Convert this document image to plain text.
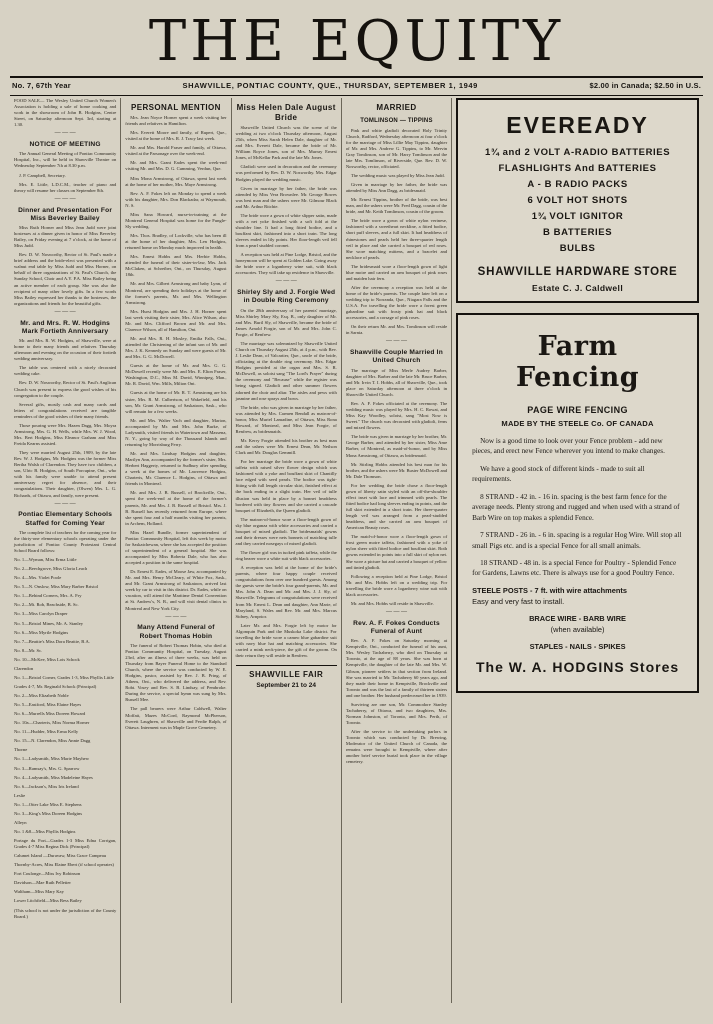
THE EQUITY
No. 7, 67th Year	SHAWVILLE, PONTIAC COUNTY, QUE., THURSDAY, SEPTEMBER 1, 1949	$2.00 in Canada; $2.50 in U.S.

FOOD SALE— The Wesley United Church Women's Association is holding a sale of home cooking and work in the showroom of John B. Hodgins, Centre Street, on Saturday afternoon Sept. 3rd, starting at 1.30.

— — —
NOTICE OF MEETING

The Annual General Meeting of Pontiac Community Hospital, Inc., will be held in Shawville Theatre on Wednesday September 7th at 8.30 p.m.

J. P. Campbell, Secretary.

Mrs. E. Little, L.D.C.M., teacher of piano and theory will resume her classes on September 8th.

— — —
Dinner and Presentation For Miss Beverley Bailey

Miss Ruth Horner and Miss Jean Judd were joint hostesses at a dinner given in honor of Miss Beverley Bailey, on Friday evening at 7 o'clock, at the home of Miss Judd.

Rev. D. W. Nosworthy, Rector of St. Paul's made a brief address and the bride-elect was presented with a walnut end table by Miss Judd and Miss Horner, on behalf of three organizations of St. Paul's Church, the Sunday School, Choir and A.Y. P.A. Miss Bailey being an active member of each group. She was also the recipient of many other lovely gifts. In a few words Miss Bailey expressed her thanks to the hostesses, the organizations and friends for the beautiful gifts.

— — —
Mr. and Mrs. R. W. Hodgins Mark Fortieth Anniversary

Mr. and Mrs. R. W. Hodgins, of Shawville, were at home to their many friends and relatives Thursday afternoon and evening on the occasion of their fortieth wedding anniversary.

The table was centered with a nicely decorated wedding cake.

Rev. D. W. Nosworthy, Rector of St. Paul's Anglican Church was present to express the good wishes of his congregation to the couple.

Several gifts, mostly cash and many cards and letters of congratulations received are tangible reminders of the good wishes of their many friends.

Those pouring were Mrs. Hazen Dagg, Mrs. Moyra Armstrong, Mrs. G. H. Wells, while Mrs. W. J. Wood, Mrs. Bert Hodgins, Miss Eleanor Graham and Miss Freida Kearns assisted.

They were married August 25th, 1909, by the late Rev. W. J. Hodgins, Mr. Hodgins was the former Miss Bertha Walsh of Clarendon. They have two children, a son, Ulric B. Hodgins, of South Porcupine, Ont., who with his family were unable to attend present anniversary regret for absence, and their congratulations. Their daughter, (Olwen) Mrs. L. G. Richards, of Ottawa, and family, were present.

— — —
Pontiac Elementary Schools Staffed for Coming Year

The complete list of teachers for the coming year for the thirty-one elementary schools operating under the jurisdiction of Pontiac County Protestant Central School Board follows:

No. 1—Wyman, Miss Erma Little

No. 2—Beechgrove, Miss Gloria Leach

No. 4—Mrs. Violet Poole

No. 5—N. Onslow, Miss Mary Barber Bristol

No. 1—Behind Corners, Mrs. A. Fry

No. 2—Mt. Rob, Beachside, B. Sc.

No. 3—Miss Carolyn Draper

No. 5—Bristol Mines, Mr. A. Stanley

No. 6—Miss Myrtle Hodgins

No. 7—Beattie's Miss Dora Beattie, B.A.

No. 8—Mr. Sc.

No. 10—McKee, Miss Lois Schock

Clarendon

No. 1—Bristol Corner, Grades 1-3, Miss Phyllis Little

Grades 4-7, Mr. Reginald Schock (Principal)

No. 2—Miss Elizabeth Noble

No. 5—Eastford, Miss Elaine Hayes

No. 6—Murrells Miss Doreen Howard

No. 10a—Charteris, Miss Norma Horner

No. 11—Hudder, Miss Erma Kelly

No. 15—N. Clarendon, Miss Annie Dagg

Thorne

No. 1—Ladysmith, Miss Marie Mayhew

No. 3—Ramsay's, Mrs. G. Sparrow

No. 4—Ladysmith, Miss Madeleine Hayes

No. 6—Jackson's, Miss Iris Ireland

Leslie

No. 1—Otter Lake Miss E. Stephens

No. 3—King's Miss Doreen Hodgins

Alleyn

No. 1 &8—Miss Phyllis Hodgins

Portage du Fort—Grades 1-3 Miss Edna Corrigan, Grades 4-7 Miss Regina Dick (Principal)

Calumet Island —Duravaw, Miss Grace Campeau

Thornby-Acres, Miss Elaine Ebert (if school operates)

Fort Coulonge—Miss Ivy Robinson

Davidson—Mae Ruth Pelletier

Waltham—Miss Mary Kay

Lower Litchfield—Miss Bess Bailey

(This school is not under the jurisdiction of the County Board.)

PERSONAL MENTION

Mrs. Jean Noyce Horner spent a week visiting her friends and relatives in Hamilton.

Mrs. Everett Moore and family, of Rupert, Que., visited at the home of Mrs. R. J. Tracy last week.

Mr. and Mrs. Harold Fraser and family, of Ottawa, visited at the Parsonage over the week-end.

Mr. and Mrs. Grant Eades spent the week-end visiting Mr. and Mrs. D. G. Cumming, Verdun, Que.

Miss Mona Armstrong, of Ottawa, spent last week at the home of her mother, Mrs. Maye Armstrong.

Rev. A. F. Fokes left on Monday to spend a week with his daughter, Mrs. Don Blackadar, at Waymouth, N. S.

Miss Sana Howard, nurse-in-training at the Montreal General Hospital was home for the Fungle-Sly wedding.

Mrs. Thos. Bradley, of Lockville, who has been ill at the home of her daughter, Mrs. Len Hodgins, returned home on Monday much improved in health.

Mrs. Ernest Hobbs and Mrs. Herbie Hobbs, attended the funeral of their sister-in-law, Mrs. Jack McClaken, at Schreiber, Ont., on Thursday, August 18th.

Mr. and Mrs. Gilbert Armstrong and baby Lynn, of Montreal, are spending their holidays at the home of the former's parents, Mr. and Mrs. Wellington Armstrong.

Mrs. Hurst Hodgins and Mrs. J. H. Horner spent last week visiting their sister, Mrs. Alice Wilson, also Mr. and Mrs. Clifford Brown and Mr. and Mrs. Clarence Wilson, all of Hamilton, Ont.

Mr. and Mrs. R. H. Mosley, Emilia Falls, Ont., attended the Christening of the infant son of Mr. and Mrs. J. K. Kennedy on Sunday and were guests of Mr. and Mrs. G. G. McDowell.

Guests at the home of Mr. and Mrs. G. G. McDowell recently were Mr. and Mrs. E. Elton Fraser, Washington, D.C., Miss M. David, Winnipeg, Man., Mr. R. David, Wm. Mills, Milton Ont.

Guests at the home of Mr. R. T. Armstrong are his sister, Mrs. R. M. Culbertson, of Wakefield, and his son, Mr. Grant Armstrong, of Saskatoon, Sask., who will remain for a few weeks.

Mr. and Mrs. Walter Vach and daughter, Marion, accompanied by Mr. and Mrs. John Burke, of Ladysmith, visited friends in Watertown and Massena, N. Y., going by way of the Thousand Islands and returning by Morrisburg Ferry.

Mr. and Mrs. Lindsay Hodgins and daughter, Marilyn Ann, accompanied by the former's sister, Mrs. Herbert Haggerty, returned to Sudbury after spending a week at the homes of Mr. Lawrence Hodgins, Charteris, Mr. Clarence L. Hodgins, of Ottawa and friends in Montreal.

Mr. and Mrs. J. B. Russell, of Brockville, Ont., spent the week-end at the home of the former's parents, Mr. and Mrs. J. B. Russell of Bristol. Mrs. J. B. Russell has recently returned from Europe, where she spent four and a half months visiting her parents, in Archem, Holland.

Miss Hazel Rundle, former superintendent of Pontiac Community Hospital, left this week by motor for Saskatchewan, where she has accepted the position of superintendent of a general hospital. She was accompanied by Miss Roberta Dale, who has also accepted a position in the same hospital.

Dr. Ernest E. Eades, of Moose Jaw, accompanied by Mr. and Mrs. Henry McCleary, of White Fox, Sask., and Mr. Grant Armstrong of Saskatoon, arrived last week by car to visit in this district. Dr. Eades, while on vacation, will attend the Maritime Dental Convention at St. Andrew's, N. B., and will visit dental clinics in Montreal and New York City.

— — —
Many Attend Funeral of Robert Thomas Hobin

The funeral of Robert Thomas Hobin, who died at Pontiac Community Hospital, on Tuesday, August 23rd, after an illness of three weeks, was held on Thursday from Bayer Funeral Home to the Standard Church, where the service was conducted by W. E. Hodgins, pastor, assisted by Rev. J. B. Pring, of Athens, Ont., who delivered the address, and Rev. Robt. Vosey and Rev. S. B. Lindsay, of Pembroke. During the service, a special hymn was sung by Mrs. Russell Mee.

The pall bearers were Arthur Caldwell, Walter Moffatt, Mazes McCord, Raymond McPherson, Everett Laughren, of Shawville and Ferdie Ralph, of Ottawa. Interment was in Maple Grove Cemetery.

Miss Helen Dale August Bride

Shawville United Church was the scene of the wedding at two o'clock Thursday afternoon, August 25th, when Miss Sarah Helen Dale, daughter of Mr. and Mrs. Everett Dale, became the bride of Mr. William Royce Jones, son of Mrs. Murray Ernest Jones, of McKellar Park and the late Mr. Jones.

Gladioli were used in decoration and the ceremony was performed by Rev. D. W. Nosworthy. Mrs. Edgar Hodgins played the wedding music.

Given in marriage by her father, the bride was attended by Miss Vera Brownlee. Mr. George Bowes was best man and the ushers were Mr. Gilmour Black and Mr. Arthur Ritchie.

The bride wore a gown of white slipper satin, made with a net yoke finished with a soft fold at the shoulder line. It had a long fitted bodice, and a bouffant skirt, fashioned into a short train. The long sleeves ended in lily points. Her floor-length veil fell from a pearl studded coronet.

A reception was held at Pine Lodge, Bristol, and the honeymoon will be spent at Golden Lake. Going away the bride wore a loganberry wine suit, with black accessories. They will take up residence in Shawville.

— — —
Shirley Sly and J. Forgie Wed in Double Ring Ceremony

On the 28th anniversary of her parents' marriage, Miss Shirley Mary Sly, Esq. B., only daughter of Mr. and Mrs. Buril Sly, of Shawville, became the bride of James Arnold Forgie, son of Mr. and Mrs. John C. Forgie, of Renfrew.

The marriage was solemnized by Shawville United Church on Thursday August 25th, at 4 p.m., with Rev. J. Leslie Dean, of Valcartier, Que., uncle of the bride, officiating at the double ring ceremony. Mrs. Edgar Hodgins presided at the organ and Mrs. S. R. McDowell, as soloist sang "The Lord's Prayer" during the ceremony and "Because" while the register was being signed. Gladioli and other summer flowers adorned the choir and altar. The aisles and pews with jasmine and rose sprays and bows.

The bride, who was given in marriage by her father, was attended by Mrs. Carmen Bendall as matron-of-honor, Miss Muriel Lamadine, of Ottawa, Miss Rona Howard, of Montreal, and Miss Jean Forgie, of Renfrew, as bridesmaids.

Mr. Kerry Forgie attended his brother as best man and the ushers were Mr. Ernest Dean, Mr. Neilson Clark and Mr. Douglas Gemmill.

For her marriage the bride wore a gown of white taffeta with raised silver flower design which was fashioned with a yoke and bouffant skirt of Chantilly lace edged with seed pearls. The bodice was tight-fitting with full length circular skirt, finished effect at the back ending in a slight train. Her veil of tulle illusion was held in place by a bonnet headdress bordered with tiny flowers and she carried a cascade bouquet of Elizabeth, the Queen gladioli.

The matron-of-honor wore a floor-length gown of sky blue organza with white accessories and carried a bouquet of mixed gladioli. The bridesmaids' gowns and their dresses were nets bonnets of matching tulle and they carried nosegays of mixed gladioli.

The flower girl was in tucked pink taffeta, while the ring bearer wore a white suit with black accessories.

A reception was held at the home of the bride's parents, where four happy couple received congratulations from over one hundred guests. Among the guests were the bride's four grand-parents, Mr. and Mrs. John A. Dean and Mr. and Mrs. J. J. Sly, of Shawville. Telegrams of congratulations were received from Mr. Ernest L. Dean and daughter, Ann Marie, of Maryland, S. Wales and Rev. Mr. and Mrs. Marcus Sidney, Arnprior.

Later Mr. and Mrs. Forgie left by motor for Algonquin Park and the Muskoka Lake district. For travelling the bride wore a cameo blue gabardine suit with navy blue hat and matching accessories. She carried a mink neck-piece, the gift of the groom. On their return they will reside in Renfrew.

SHAWVILLE FAIR
September 21 to 24
MARRIED
TOMLINSON — TIPPINS

Pink and white gladioli decorated Holy Trinity Church, Radford, Wednesday afternoon at four o'clock for the marriage of Miss Lillie May Tippins, daughter of Mr. and Mrs. Andrew G. Tippins, to Mr. Mervin Gray Tomlinson, son of Mr. Harry Tomlinson and the late Mrs. Tomlinson, of Riverside, Que. Rev. D. W. Nosworthy, rector, officiated.

The wedding music was played by Miss Jean Judd.

Given in marriage by her father, the bride was attended by Miss Ann Dagg, as bridesmaid.

Mr. Ernest Tippins, brother of the bride, was best man, and the ushers were Mr. Fred Dagg, cousin of the bride, and Mr. Keith Tomlinson, cousin of the groom.

The bride wore a gown of white nylon verinese, fashioned with a sweetheart neckline, a fitted bodice, short puff sleeves, and a full skirt. It had headdress of rhinestones and pearls held her three-quarter length veil in place and she carried a bouquet of red roses. She wore matching mittens, and a bracelet and necklace of pearls.

The bridesmaid wore a floor-length gown of light blue moire and carried an arm bouquet of pink roses and maiden hair fern.

After the ceremony a reception was held at the home of the bride's parents. The couple later left on a wedding trip to Norranda, Que., Niagara Falls and the U.S.A. For travelling the bride wore a forest green gabardine suit with frosty pink hat and black accessories, and a corsage of pink roses.

On their return Mr. and Mrs. Tomlinson will reside in Sarnia.

— — —
Shawville Couple Married In United Church

The marriage of Miss Merle Audrey Barber, daughter of Mrs. Barber and the late Mr. Bruce Barber, and Mr. Irvin T. I. Hobbs, all of Shawville, Que., took place on Saturday afternoon at three o'clock in Shawville United Church.

Rev. A. F. Fokes officiated at the ceremony. The wedding music was played by Mrs. H. C. Rowat, and Miss Kay Woodley, soloist, sang "Most Now is Sweet." The church was decorated with gladioli, ferns and mixed flowers.

The bride was given in marriage by her brother, Mr. George Barber, and attended by her sister, Miss Ame Barber, of Montreal, as maid-of-honor, and by Miss Mona Armstrong, of Ottawa, as bridesmaid.

Mr. Stirling Hobbs attended his best man for his brother, and the ushers were Mr. Buster McDowell and Mr. Dale Thomson.

For her wedding the bride chose a floor-length gown of liberty satin styled with an off-the-shoulder effect inset with lace and trimmed with pearls. The fitted bodice had long sleeves ending in points, and the full skirt extended in a short train. Her three-quarter length veil was arranged from a pearl-studded headdress, and she carried an arm bouquet of American Beauty roses.

The maid-of-honor wore a floor-length gown of frost green moire taffeta, fashioned with a yoke of nylon sheer with fitted bodice and bouffant skirt. Both gowns extended in points into a full skirt of nylon net. She wore a picture hat and carried a bouquet of yellow and tinted gladioli.

Following a reception held at Pine Lodge, Bristol Mr. and Mrs. Hobbs left on a wedding trip. For travelling the bride wore a loganberry wine suit with black accessories.

Mr. and Mrs. Hobbs will reside in Shawville.

— — —
Rev. A. F. Fokes Conducts Funeral of Aunt

Rev. A. F. Fokes on Saturday morning at Kemptville, Ont., conducted the funeral of his aunt, Mrs. Wesley Tachaberry, who died on Thursday at Toronto, at the age of 88 years. She was born at Kemptville, the daughter of the late Mr. and Mrs. W. Gibson, pioneer settlers in that section from Ireland. She was married to Mr. Tachaberry 60 years ago, and they made their home in Kemptville, Brockville and Toronto and was the last of a family of thirteen sisters and one brother. Her husband predeceased her in 1939.

Surviving are one son, Mr. Commodore Stanley Tachaberry, of Ottawa, and two daughters, Mrs. Norman Johnston, of Toronto, and Mrs. Perth, of Toronto.

After the service to the undertaking parlors in Toronto which was conducted by Dr. Brewing, Moderator of the United Church of Canada, the remains were brought to Kemptville, where after another brief service burial took place in the village cemetery.

EVEREADY
1¾ and 2 VOLT A-RADIO BATTERIES
FLASHLIGHTS And BATTERIES
A - B RADIO PACKS
6 VOLT HOT SHOTS
1¾ VOLT IGNITOR
B BATTERIES
BULBS
SHAWVILLE HARDWARE STORE
Estate C. J. Caldwell
Farm Fencing
PAGE WIRE FENCING
MADE BY THE STEELE Co. OF CANADA

Now is a good time to look over your Fence problem - add new pieces, and erect new Fence wherever you intend to make changes.

We have a good stock of different kinds - made to suit all requirements.

8 STRAND - 42 in. - 16 in. spacing is the best farm fence for the average needs. Plenty strong and rugged and when used with a strand of Barb Wire on top makes a splendid Fence.

7 STRAND - 26 in. - 6 in. spacing is a regular Hog Wire. Will stop all small Pigs etc. and is a special Fence for all small animals.

18 STRAND - 48 in. is a special Fence for Poultry - Splendid Fence for Gardens, Lawns etc. There is always use for a good Poultry Fence.

STEELE POSTS - 7 ft. with wire attachments
Easy and very fast to install.
BRACE WIRE - BARB WIRE
(when available)
STAPLES - NAILS - SPIKES
The W. A. HODGINS Stores
